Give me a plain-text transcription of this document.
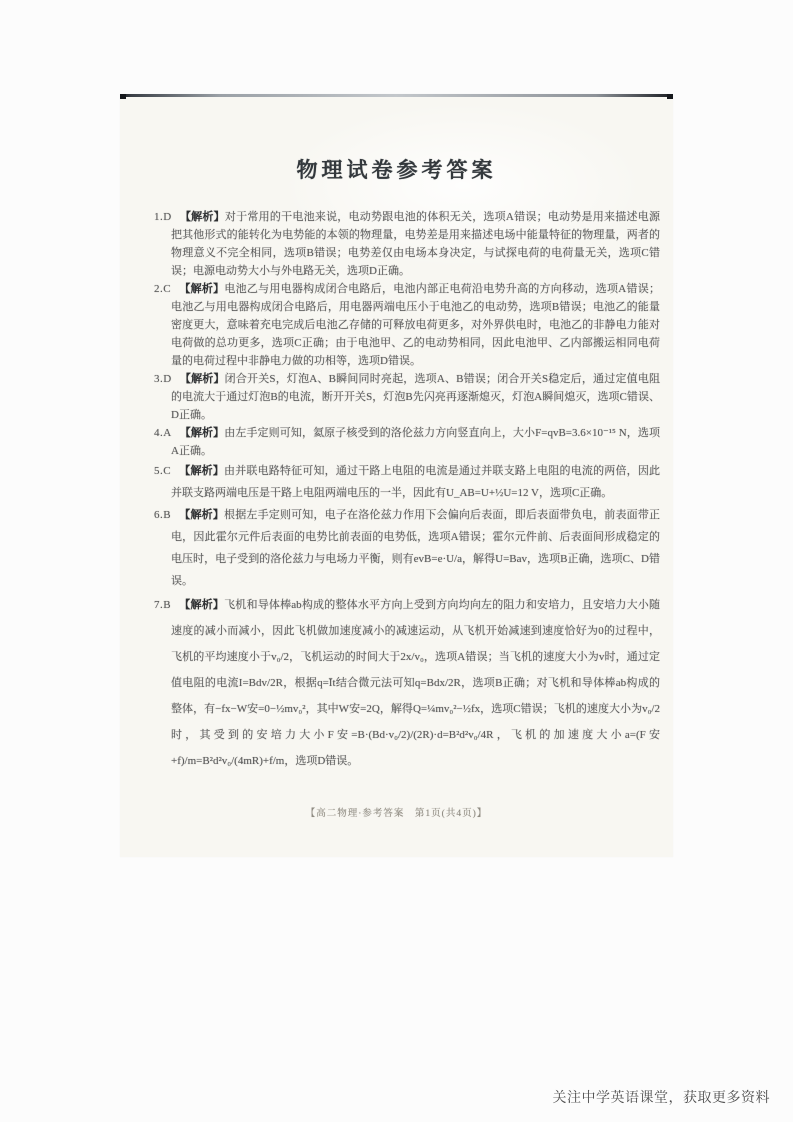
物理试卷参考答案

1.D 【解析】对于常用的干电池来说，电动势跟电池的体积无关，选项A错误；电动势是用来描述电源把其他形式的能转化为电势能的本领的物理量，电势差是用来描述电场中能量特征的物理量，两者的物理意义不完全相同，选项B错误；电势差仅由电场本身决定，与试探电荷的电荷量无关，选项C错误；电源电动势大小与外电路无关，选项D正确。

2.C 【解析】电池乙与用电器构成闭合电路后，电池内部正电荷沿电势升高的方向移动，选项A错误；电池乙与用电器构成闭合电路后，用电器两端电压小于电池乙的电动势，选项B错误；电池乙的能量密度更大，意味着充电完成后电池乙存储的可释放电荷更多，对外界供电时，电池乙的非静电力能对电荷做的总功更多，选项C正确；由于电池甲、乙的电动势相同，因此电池甲、乙内部搬运相同电荷量的电荷过程中非静电力做的功相等，选项D错误。

3.D 【解析】闭合开关S，灯泡A、B瞬间同时亮起，选项A、B错误；闭合开关S稳定后，通过定值电阻的电流大于通过灯泡B的电流，断开开关S，灯泡B先闪亮再逐渐熄灭，灯泡A瞬间熄灭，选项C错误、D正确。

4.A 【解析】由左手定则可知，氦原子核受到的洛伦兹力方向竖直向上，大小F=qvB=3.6×10⁻¹⁵ N，选项A正确。

5.C 【解析】由并联电路特征可知，通过干路上电阻的电流是通过并联支路上电阻的电流的两倍，因此并联支路两端电压是干路上电阻两端电压的一半，因此有U_AB=U+½U=12 V，选项C正确。

6.B 【解析】根据左手定则可知，电子在洛伦兹力作用下会偏向后表面，即后表面带负电，前表面带正电，因此霍尔元件后表面的电势比前表面的电势低，选项A错误；霍尔元件前、后表面间形成稳定的电压时，电子受到的洛伦兹力与电场力平衡，则有evB=e·U/a，解得U=Bav，选项B正确，选项C、D错误。

7.B 【解析】飞机和导体棒ab构成的整体水平方向上受到方向均向左的阻力和安培力，且安培力大小随速度的减小而减小，因此飞机做加速度减小的减速运动，从飞机开始减速到速度恰好为0的过程中，飞机的平均速度小于v₀/2，飞机运动的时间大于2x/v₀，选项A错误；当飞机的速度大小为v时，通过定值电阻的电流I=Bdv/2R，根据q=Īt结合微元法可知q=Bdx/2R，选项B正确；对飞机和导体棒ab构成的整体，有−fx−W安=0−½mv₀²，其中W安=2Q，解得Q=¼mv₀²−½fx，选项C错误；飞机的速度大小为v₀/2时，其受到的安培力大小F安=B·(Bd·v₀/2)/(2R)·d=B²d²v₀/4R，飞机的加速度大小a=(F安+f)/m=B²d²v₀/(4mR)+f/m，选项D错误。

【高二物理·参考答案　第1页(共4页)】
关注中学英语课堂，获取更多资料
